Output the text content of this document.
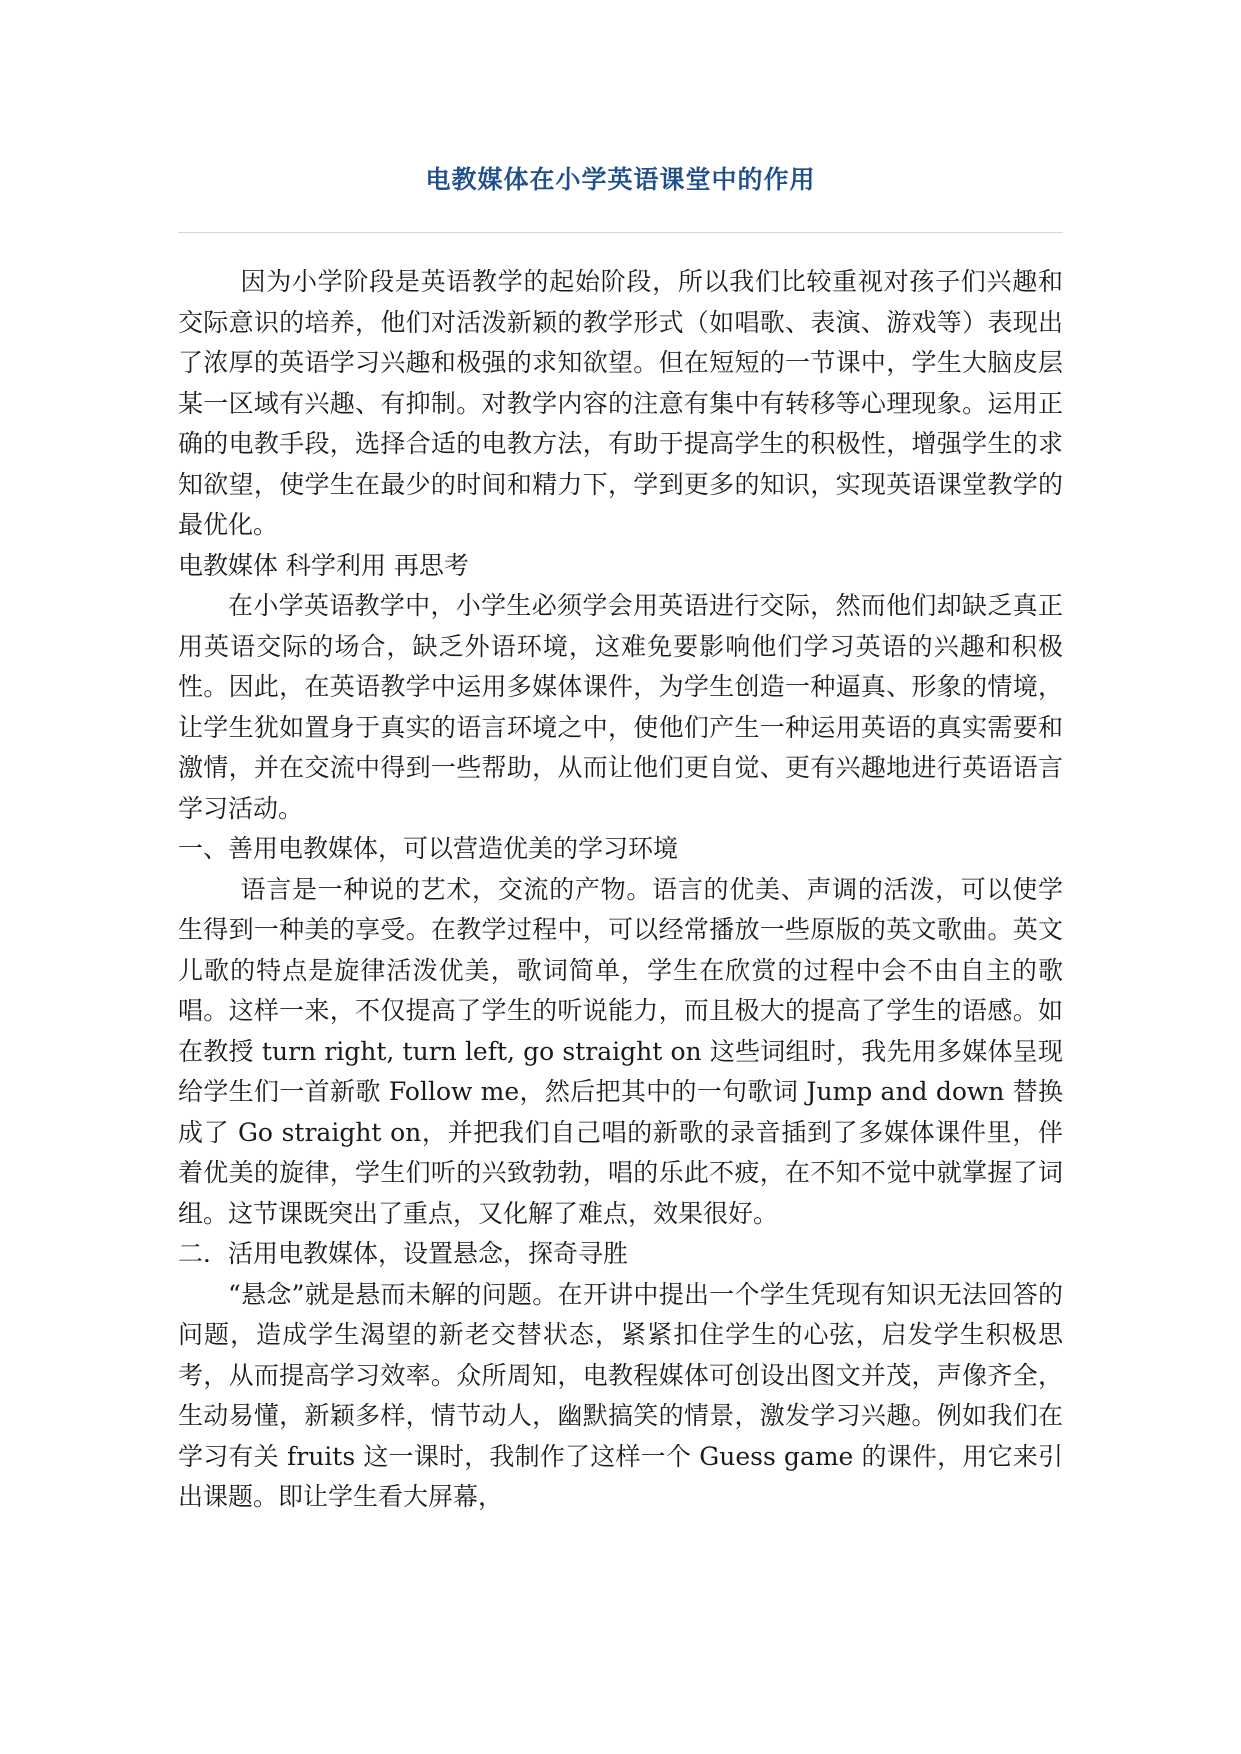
电教媒体在小学英语课堂中的作用

因为小学阶段是英语教学的起始阶段，所以我们比较重视对孩子们兴趣和交际意识的培养，他们对活泼新颖的教学形式（如唱歌、表演、游戏等）表现出了浓厚的英语学习兴趣和极强的求知欲望。但在短短的一节课中，学生大脑皮层某一区域有兴趣、有抑制。对教学内容的注意有集中有转移等心理现象。运用正确的电教手段，选择合适的电教方法，有助于提高学生的积极性，增强学生的求知欲望，使学生在最少的时间和精力下，学到更多的知识，实现英语课堂教学的最优化。

电教媒体 科学利用 再思考

在小学英语教学中，小学生必须学会用英语进行交际，然而他们却缺乏真正用英语交际的场合，缺乏外语环境，这难免要影响他们学习英语的兴趣和积极性。因此，在英语教学中运用多媒体课件，为学生创造一种逼真、形象的情境，让学生犹如置身于真实的语言环境之中，使他们产生一种运用英语的真实需要和激情，并在交流中得到一些帮助，从而让他们更自觉、更有兴趣地进行英语语言学习活动。

一、善用电教媒体，可以营造优美的学习环境

语言是一种说的艺术，交流的产物。语言的优美、声调的活泼，可以使学生得到一种美的享受。在教学过程中，可以经常播放一些原版的英文歌曲。英文儿歌的特点是旋律活泼优美，歌词简单，学生在欣赏的过程中会不由自主的歌唱。这样一来，不仅提高了学生的听说能力，而且极大的提高了学生的语感。如在教授 turn right, turn left, go straight on 这些词组时，我先用多媒体呈现给学生们一首新歌 Follow me，然后把其中的一句歌词 Jump and down 替换成了 Go straight on，并把我们自己唱的新歌的录音插到了多媒体课件里，伴着优美的旋律，学生们听的兴致勃勃，唱的乐此不疲，在不知不觉中就掌握了词组。这节课既突出了重点，又化解了难点，效果很好。

二．活用电教媒体，设置悬念，探奇寻胜

“悬念”就是悬而未解的问题。在开讲中提出一个学生凭现有知识无法回答的问题，造成学生渴望的新老交替状态，紧紧扣住学生的心弦，启发学生积极思考，从而提高学习效率。众所周知，电教程媒体可创设出图文并茂，声像齐全，生动易懂，新颖多样，情节动人，幽默搞笑的情景，激发学习兴趣。例如我们在学习有关 fruits 这一课时，我制作了这样一个 Guess game 的课件，用它来引出课题。即让学生看大屏幕，
